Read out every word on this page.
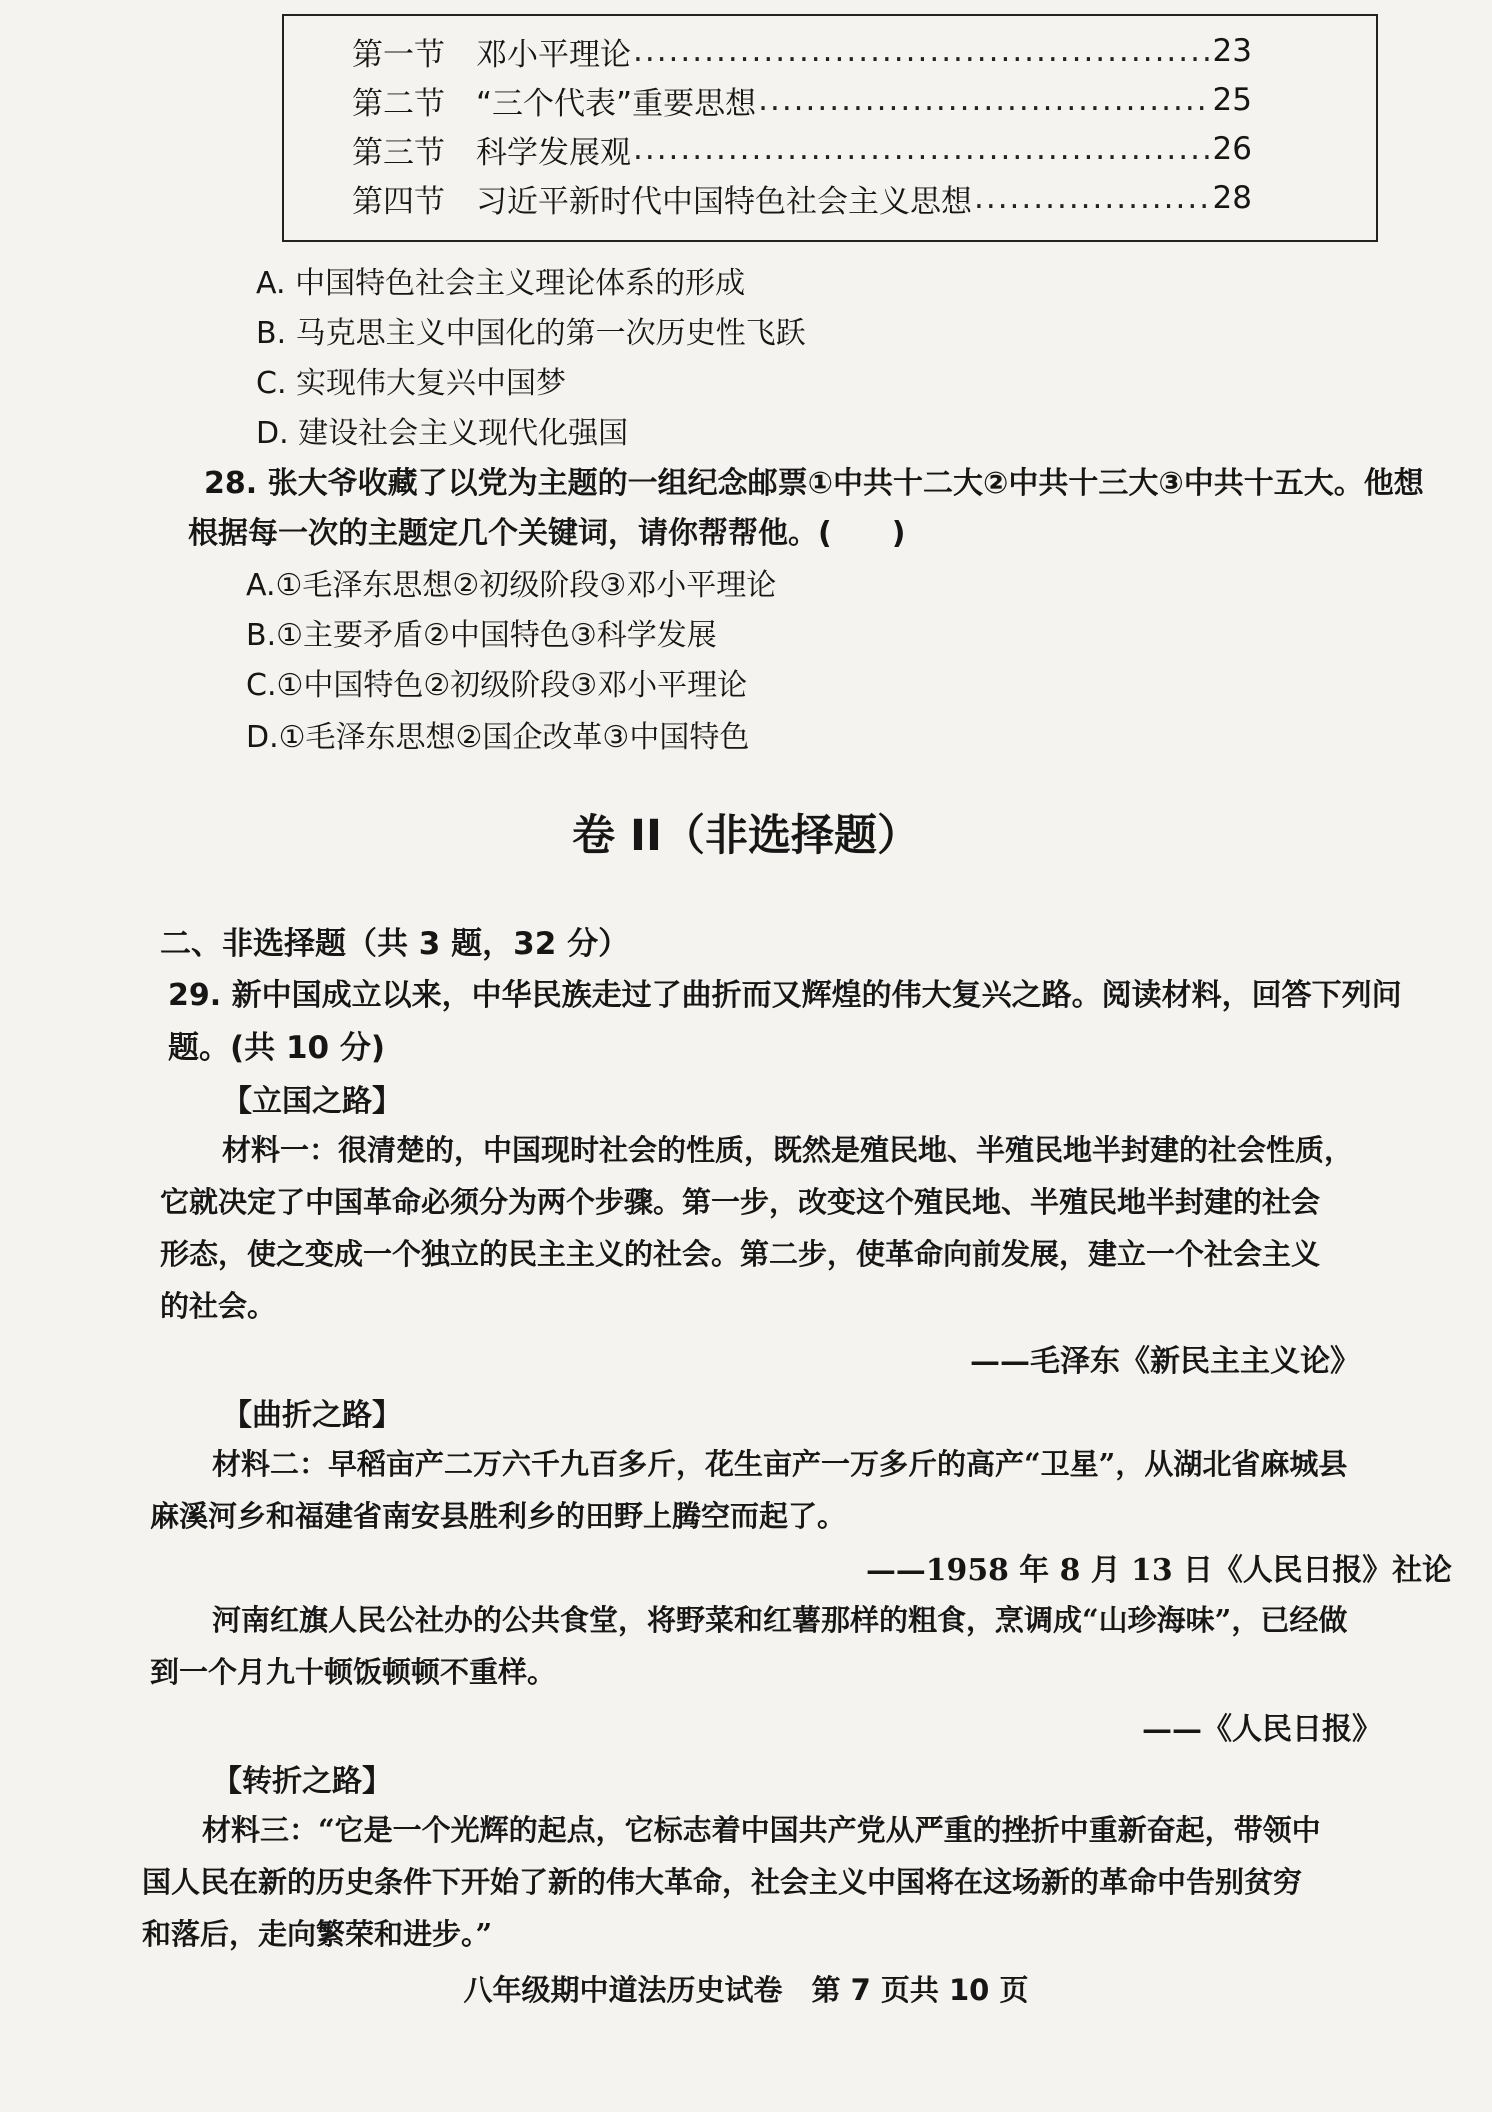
第一节	邓小平理论 .....	23
第二节	“三个代表”重要思想 .....	25
第三节	科学发展观 .....	26
第四节	习近平新时代中国特色社会主义思想 .....	28
A. 中国特色社会主义理论体系的形成
B. 马克思主义中国化的第一次历史性飞跃
C. 实现伟大复兴中国梦
D. 建设社会主义现代化强国
28. 张大爷收藏了以党为主题的一组纪念邮票①中共十二大②中共十三大③中共十五大。他想
根据每一次的主题定几个关键词，请你帮帮他。(　　)
A.①毛泽东思想②初级阶段③邓小平理论
B.①主要矛盾②中国特色③科学发展
C.①中国特色②初级阶段③邓小平理论
D.①毛泽东思想②国企改革③中国特色
卷 II（非选择题）
二、非选择题（共 3 题，32 分）
29. 新中国成立以来，中华民族走过了曲折而又辉煌的伟大复兴之路。阅读材料，回答下列问
题。(共 10 分)
【立国之路】
材料一：很清楚的，中国现时社会的性质，既然是殖民地、半殖民地半封建的社会性质，
它就决定了中国革命必须分为两个步骤。第一步，改变这个殖民地、半殖民地半封建的社会
形态，使之变成一个独立的民主主义的社会。第二步，使革命向前发展，建立一个社会主义
的社会。
——毛泽东《新民主主义论》
【曲折之路】
材料二：早稻亩产二万六千九百多斤，花生亩产一万多斤的高产“卫星”，从湖北省麻城县
麻溪河乡和福建省南安县胜利乡的田野上腾空而起了。
——1958 年 8 月 13 日《人民日报》社论
河南红旗人民公社办的公共食堂，将野菜和红薯那样的粗食，烹调成“山珍海味”，已经做
到一个月九十顿饭顿顿不重样。
——《人民日报》
【转折之路】
材料三：“它是一个光辉的起点，它标志着中国共产党从严重的挫折中重新奋起，带领中
国人民在新的历史条件下开始了新的伟大革命，社会主义中国将在这场新的革命中告别贫穷
和落后，走向繁荣和进步。”
八年级期中道法历史试卷　第 7 页共 10 页
